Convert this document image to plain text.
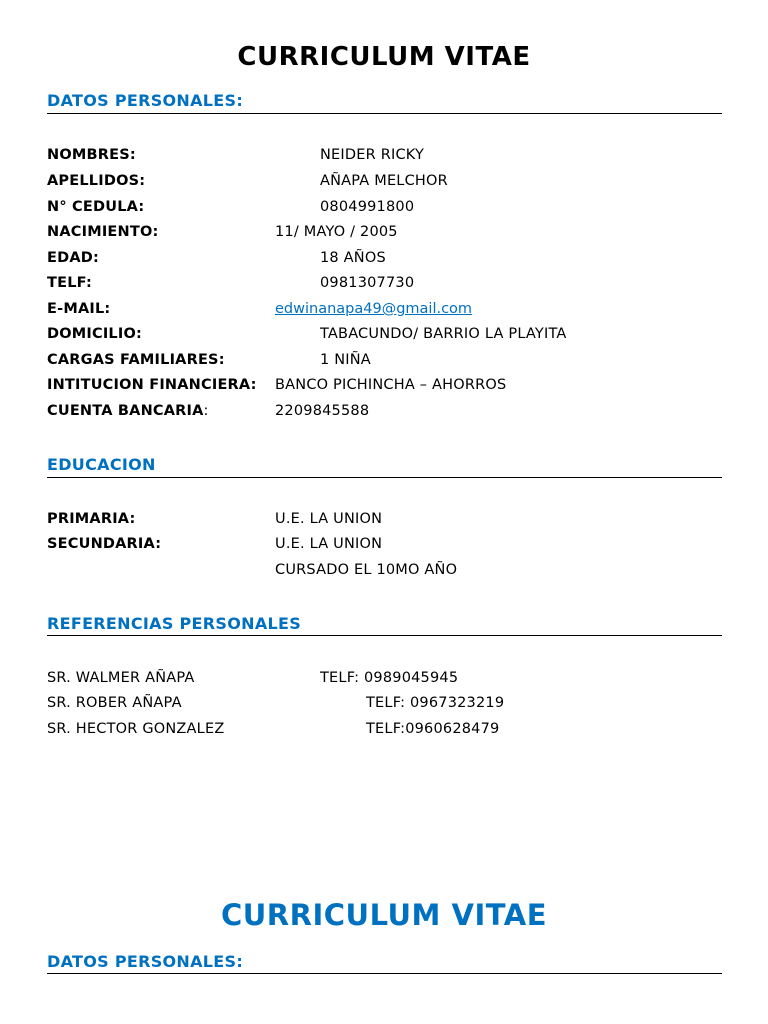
CURRICULUM VITAE
DATOS PERSONALES:
NOMBRES:	NEIDER RICKY
APELLIDOS:	AÑAPA MELCHOR
N° CEDULA:	0804991800
NACIMIENTO:	11/ MAYO / 2005
EDAD:	18 AÑOS
TELF:	0981307730
E-MAIL:	edwinanapa49@gmail.com
DOMICILIO:	TABACUNDO/ BARRIO LA PLAYITA
CARGAS FAMILIARES:	1 NIÑA
INTITUCION FINANCIERA: BANCO PICHINCHA – AHORROS
CUENTA BANCARIA:	2209845588
EDUCACION
PRIMARIA:	U.E. LA UNION
SECUNDARIA:	U.E. LA UNION
CURSADO EL 10MO AÑO
REFERENCIAS PERSONALES
SR. WALMER AÑAPA	TELF: 0989045945
SR. ROBER AÑAPA	TELF: 0967323219
SR. HECTOR GONZALEZ	TELF:0960628479
CURRICULUM VITAE
DATOS PERSONALES:
